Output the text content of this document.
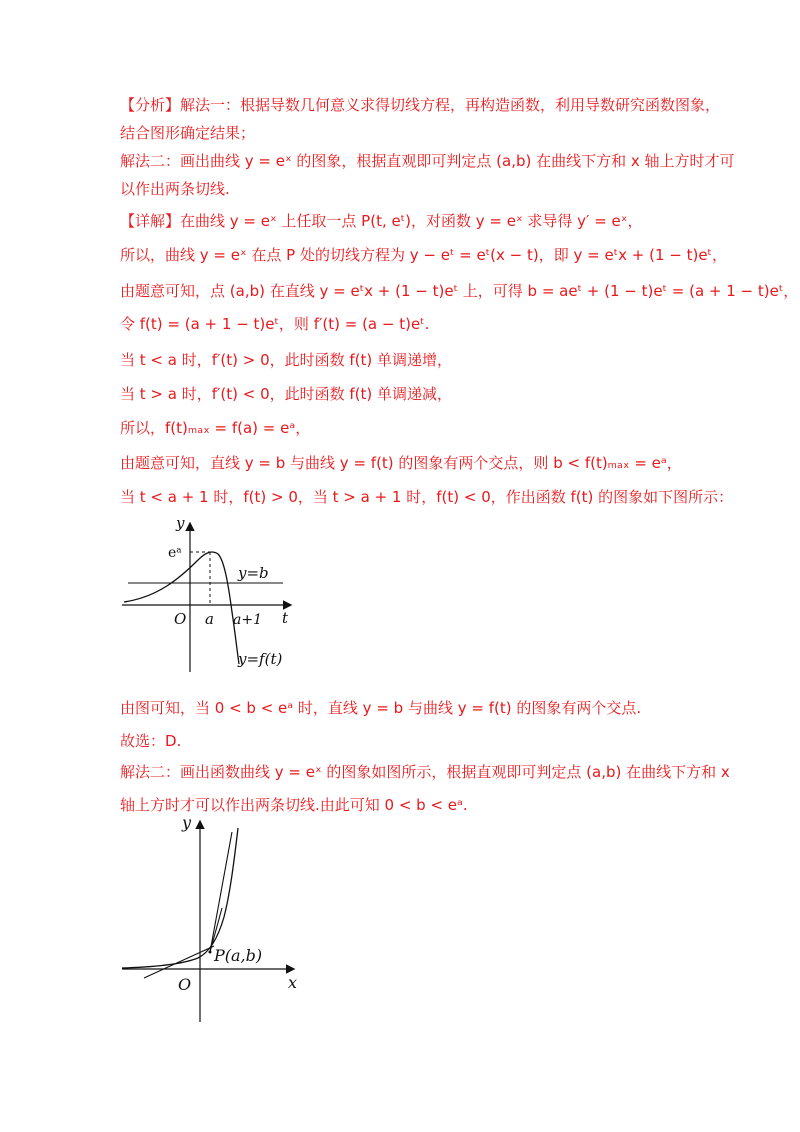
【分析】解法一：根据导数几何意义求得切线方程，再构造函数，利用导数研究函数图象，
结合图形确定结果；
解法二：画出曲线 y = eˣ 的图象，根据直观即可判定点 (a,b) 在曲线下方和 x 轴上方时才可
以作出两条切线.
【详解】在曲线 y = eˣ 上任取一点 P(t, eᵗ)，对函数 y = eˣ 求导得 y′ = eˣ，
所以，曲线 y = eˣ 在点 P 处的切线方程为 y − eᵗ = eᵗ(x − t)，即 y = eᵗx + (1 − t)eᵗ，
由题意可知，点 (a,b) 在直线 y = eᵗx + (1 − t)eᵗ 上，可得 b = aeᵗ + (1 − t)eᵗ = (a + 1 − t)eᵗ，
令 f(t) = (a + 1 − t)eᵗ，则 f′(t) = (a − t)eᵗ.
当 t < a 时，f′(t) > 0，此时函数 f(t) 单调递增，
当 t > a 时，f′(t) < 0，此时函数 f(t) 单调递减，
所以，f(t)ₘₐₓ = f(a) = eᵃ，
由题意可知，直线 y = b 与曲线 y = f(t) 的图象有两个交点，则 b < f(t)ₘₐₓ = eᵃ，
当 t < a + 1 时，f(t) > 0，当 t > a + 1 时，f(t) < 0，作出函数 f(t) 的图象如下图所示：
y
t
O
eᵃ
y=b
a a+1
y=f(t)
由图可知，当 0 < b < eᵃ 时，直线 y = b 与曲线 y = f(t) 的图象有两个交点.
故选：D.
解法二：画出函数曲线 y = eˣ 的图象如图所示，根据直观即可判定点 (a,b) 在曲线下方和 x
轴上方时才可以作出两条切线.由此可知 0 < b < eᵃ.
y
x
O
P(a,b)
